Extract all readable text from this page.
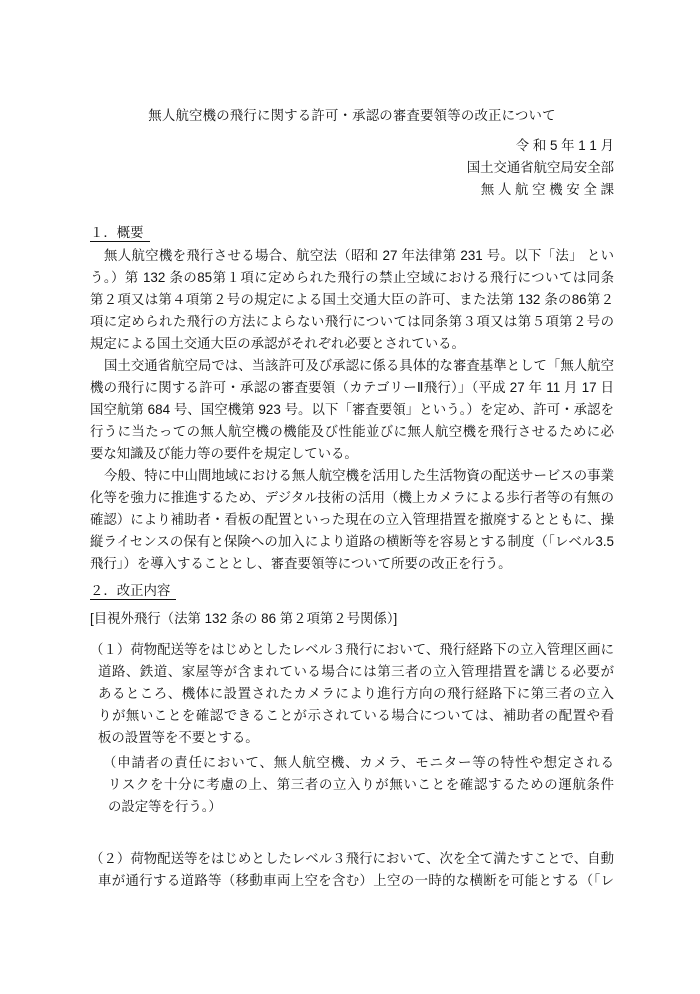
無人航空機の飛行に関する許可・承認の審査要領等の改正について
令 和 5 年 1 1 月
国土交通省航空局安全部
無 人 航 空 機 安 全 課
１．概要
無人航空機を飛行させる場合、航空法（昭和 27 年法律第 231 号。以下「法」 とい
う。）第 132 条の85第１項に定められた飛行の禁止空域における飛行については同条
第２項又は第４項第２号の規定による国土交通大臣の許可、また法第 132 条の86第２
項に定められた飛行の方法によらない飛行については同条第３項又は第５項第２号の
規定による国土交通大臣の承認がそれぞれ必要とされている。
国土交通省航空局では、当該許可及び承認に係る具体的な審査基準として「無人航空
機の飛行に関する許可・承認の審査要領（カテゴリーⅡ飛行）」（平成 27 年 11 月 17 日
国空航第 684 号、国空機第 923 号。以下「審査要領」という。）を定め、許可・承認を
行うに当たっての無人航空機の機能及び性能並びに無人航空機を飛行させるために必
要な知識及び能力等の要件を規定している。
今般、特に中山間地域における無人航空機を活用した生活物資の配送サービスの事業
化等を強力に推進するため、デジタル技術の活用（機上カメラによる歩行者等の有無の
確認）により補助者・看板の配置といった現在の立入管理措置を撤廃するとともに、操
縦ライセンスの保有と保険への加入により道路の横断等を容易とする制度（「レベル3.5
飛行」）を導入することとし、審査要領等について所要の改正を行う。
２．改正内容
[目視外飛行（法第 132 条の 86 第２項第２号関係）]
（１）荷物配送等をはじめとしたレベル３飛行において、飛行経路下の立入管理区画に
道路、鉄道、家屋等が含まれている場合には第三者の立入管理措置を講じる必要が
あるところ、機体に設置されたカメラにより進行方向の飛行経路下に第三者の立入
りが無いことを確認できることが示されている場合については、補助者の配置や看
板の設置等を不要とする。
（申請者の責任において、無人航空機、カメラ、モニター等の特性や想定される
リスクを十分に考慮の上、第三者の立入りが無いことを確認するための運航条件
の設定等を行う。）
（２）荷物配送等をはじめとしたレベル３飛行において、次を全て満たすことで、自動
車が通行する道路等（移動車両上空を含む）上空の一時的な横断を可能とする（「レ
